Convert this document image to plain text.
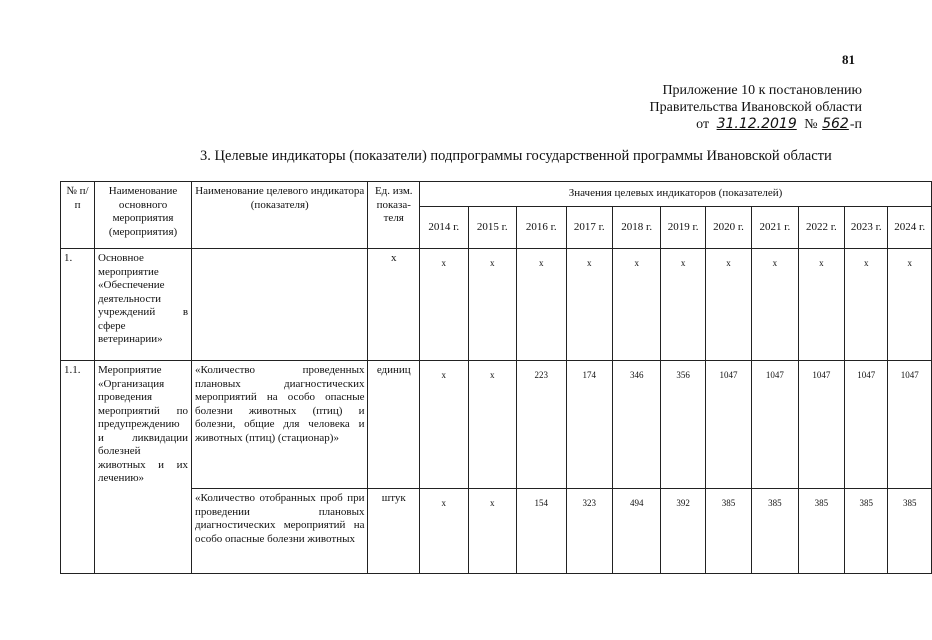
81
Приложение 10 к постановлению
Правительства Ивановской области
от 31.12.2019 № 562-п
3. Целевые индикаторы (показатели) подпрограммы государственной программы Ивановской области
№ п/п	Наименование основного мероприятия (мероприятия)	Наименование целевого индикатора (показателя)	Ед. изм. показа-теля	Значения целевых индикаторов (показателей)										
				2014 г.	2015 г.	2016 г.	2017 г.	2018 г.	2019 г.	2020 г.	2021 г.	2022 г.	2023 г.	2024 г.
1.	Основное мероприятие «Обеспечение деятельности учреждений в сфере ветеринарии»		х	х	х	х	х	х	х	х	х	х	х	х
1.1.	Мероприятие «Организация проведения мероприятий по предупреждению и ликвидации болезней животных и их лечению»	«Количество проведенных плановых диагностических мероприятий на особо опасные болезни животных (птиц) и болезни, общие для человека и животных (птиц) (стационар)»	единиц	х	х	223	174	346	356	1047	1047	1047	1047	1047
		«Количество отобранных проб при проведении плановых диагностических мероприятий на особо опасные болезни животных	штук	х	х	154	323	494	392	385	385	385	385	385
